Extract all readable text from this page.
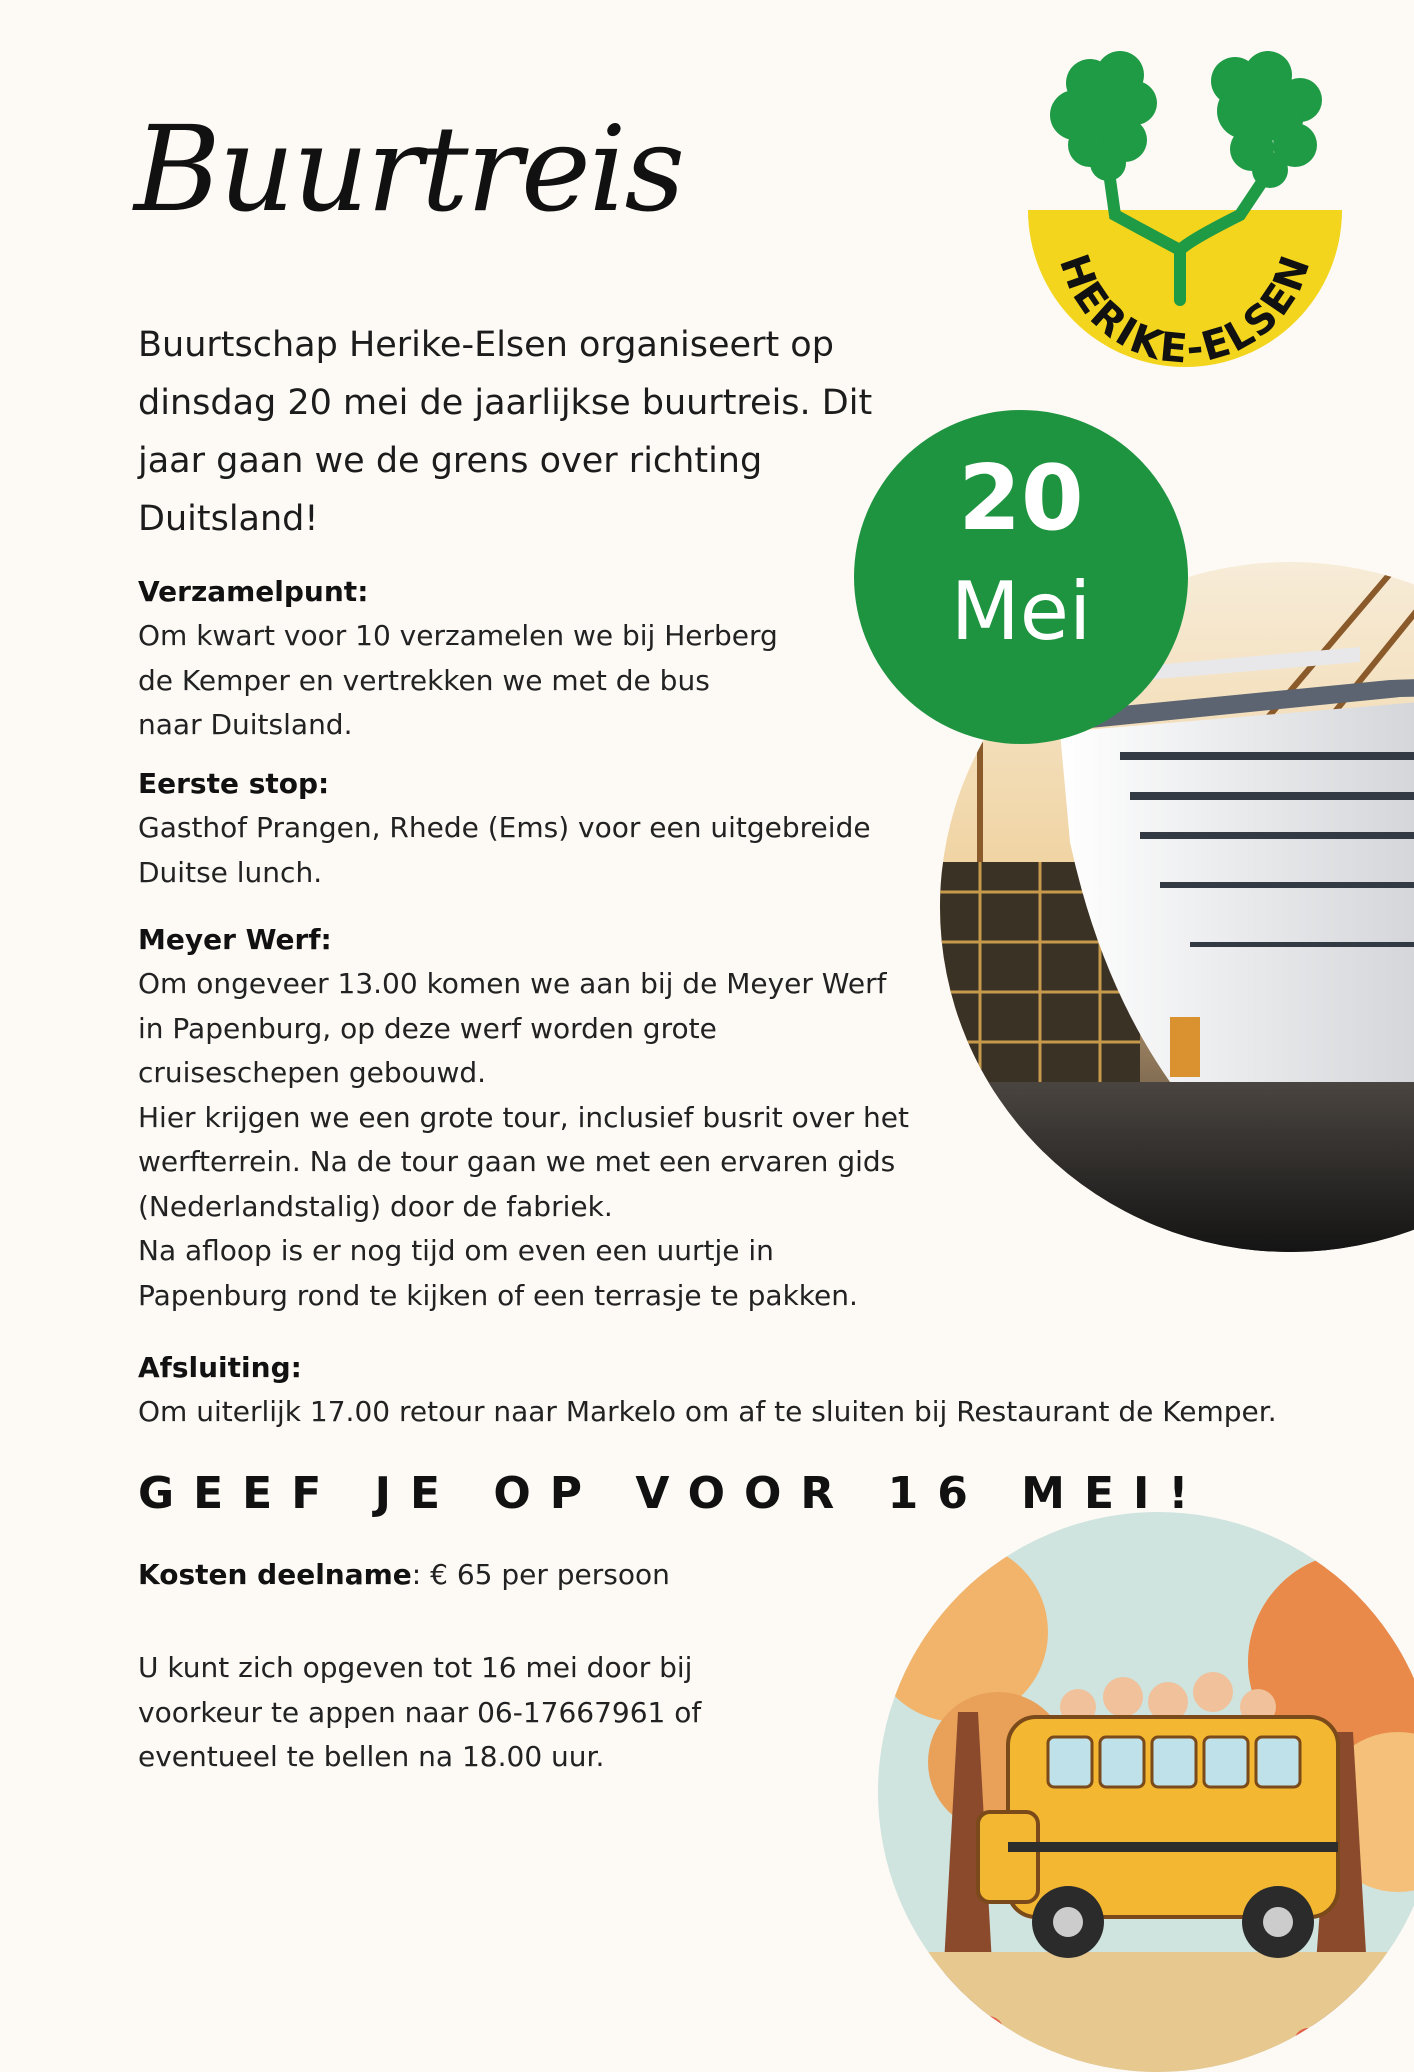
Buurtreis
HERIKE-ELSEN
Buurtschap Herike-Elsen organiseert op dinsdag 20 mei de jaarlijkse buurtreis. Dit jaar gaan we de grens over richting Duitsland!	20
Mei
Verzamelpunt:

Om kwart voor 10 verzamelen we bij Herberg de Kemper en vertrekken we met de bus naar Duitsland.

Eerste stop:

Gasthof Prangen, Rhede (Ems) voor een uitgebreide Duitse lunch.

Meyer Werf:

Om ongeveer 13.00 komen we aan bij de Meyer Werf in Papenburg, op deze werf worden grote cruiseschepen gebouwd.

Hier krijgen we een grote tour, inclusief busrit over het werfterrein. Na de tour gaan we met een ervaren gids (Nederlandstalig) door de fabriek.

Na afloop is er nog tijd om even een uurtje in Papenburg rond te kijken of een terrasje te pakken.

Afsluiting:

Om uiterlijk 17.00 retour naar Markelo om af te sluiten bij Restaurant de Kemper.

GEEF JE OP VOOR 16 MEI!
Kosten deelname: € 65 per persoon
U kunt zich opgeven tot 16 mei door bij voorkeur te appen naar 06-17667961 of eventueel te bellen na 18.00 uur.
